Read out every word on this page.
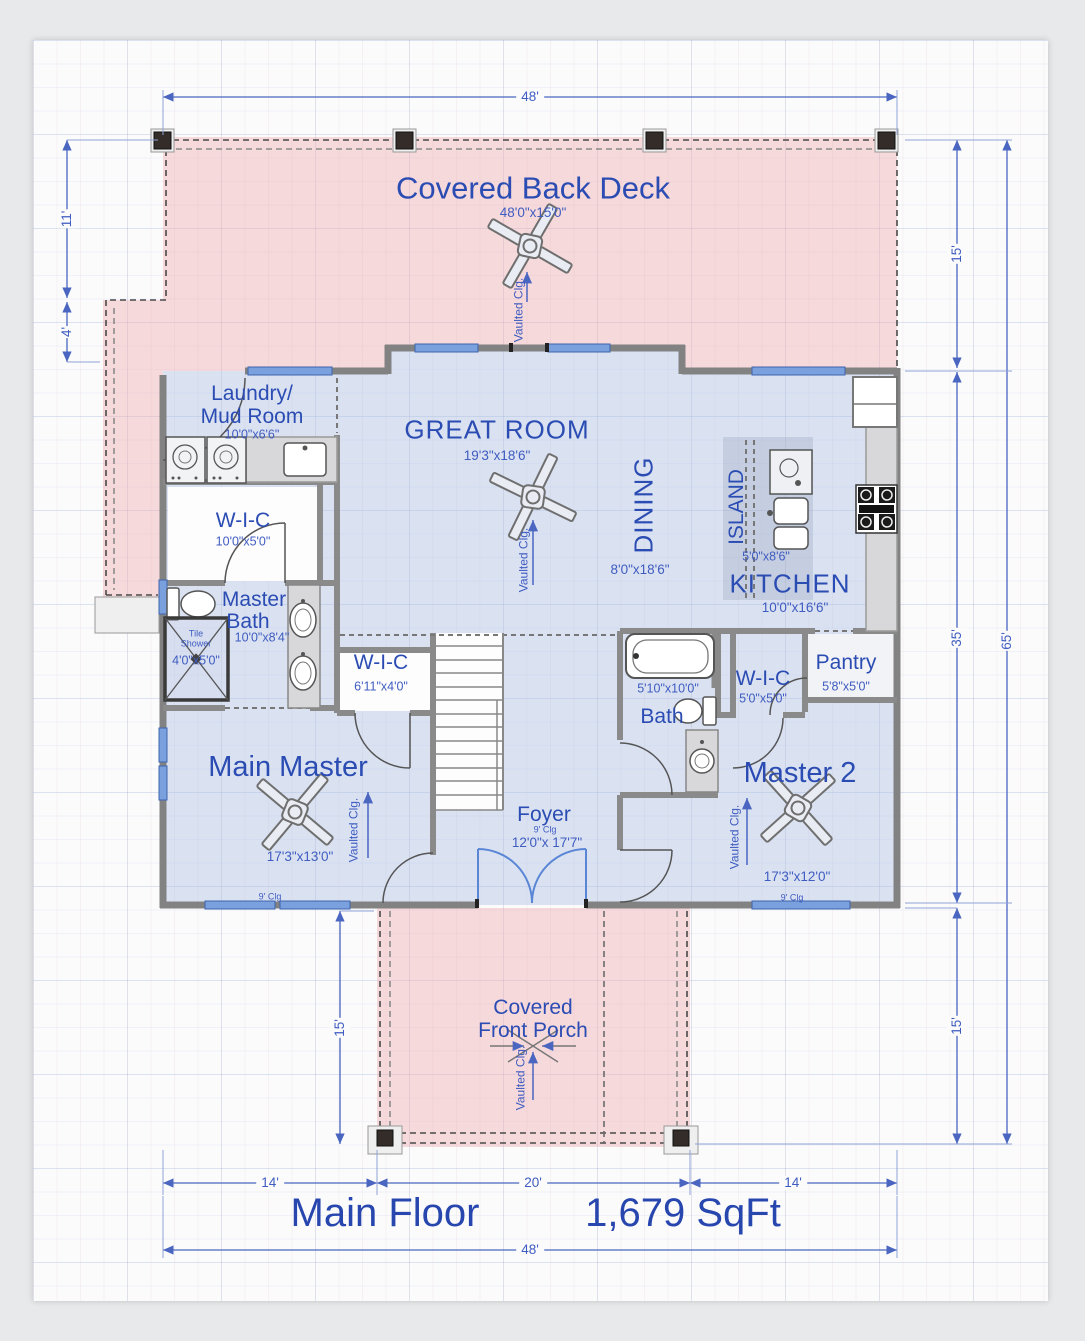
Covered Back Deck
48'0"x15'0"
Vaulted Clg.
GREAT ROOM
19'3"x18'6"
Vaulted Clg.
DINING
8'0"x18'6"
ISLAND
5'0"x8'6"
KITCHEN
10'0"x16'6"
Laundry/
Mud Room
10'0"x6'6"
W-I-C
10'0"x5'0"
Master
Bath
10'0"x8'4"
Tile
Shower
4'0"x5'0"	W-I-C
6'11"x4'0"
Main Master
17'3"x13'0"
9' Clg
Vaulted Clg.	Foyer
9' Clg
12'0"x 17'7"
5'10"x10'0"
Bath
W-I-C
5'0"x5'0"
Pantry
5'8"x5'0"
Master 2
17'3"x12'0"
9' Clg
Vaulted Clg.
Covered
Front Porch
Vaulted Clg.
48'
11'
4'
15'
35'	65'
15'
15'
14'	20'	14'
48'
Main Floor	1,679 SqFt
